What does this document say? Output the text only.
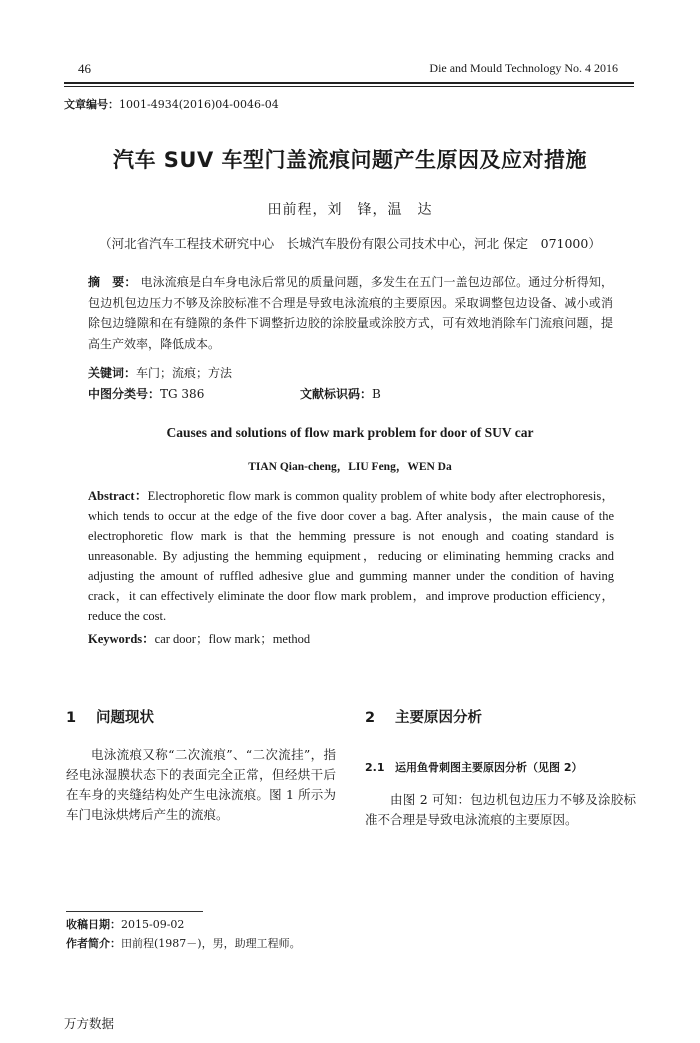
46	Die and Mould Technology No. 4 2016
文章编号：1001-4934(2016)04-0046-04
汽车 SUV 车型门盖流痕问题产生原因及应对措施
田前程，刘　锋，温　达
（河北省汽车工程技术研究中心　长城汽车股份有限公司技术中心，河北 保定　071000）
摘　要： 电泳流痕是白车身电泳后常见的质量问题，多发生在五门一盖包边部位。通过分析得知，包边机包边压力不够及涂胶标准不合理是导致电泳流痕的主要原因。采取调整包边设备、减小或消除包边缝隙和在有缝隙的条件下调整折边胶的涂胶量或涂胶方式，可有效地消除车门流痕问题，提高生产效率，降低成本。
关键词：车门；流痕；方法
中图分类号：TG 386	文献标识码：B
Causes and solutions of flow mark problem for door of SUV car
TIAN Qian-cheng，LIU Feng，WEN Da
Abstract：Electrophoretic flow mark is common quality problem of white body after electrophoresis，which tends to occur at the edge of the five door cover a bag. After analysis，the main cause of the electrophoretic flow mark is that the hemming pressure is not enough and coating standard is unreasonable. By adjusting the hemming equipment，reducing or eliminating hemming cracks and adjusting the amount of ruffled adhesive glue and gumming manner under the condition of having crack，it can effectively eliminate the door flow mark problem，and improve production efficiency，reduce the cost.
Keywords：car door；flow mark；method
1 问题现状
电泳流痕又称“二次流痕”、“二次流挂”，指经电泳湿膜状态下的表面完全正常，但经烘干后在车身的夹缝结构处产生电泳流痕。图 1 所示为车门电泳烘烤后产生的流痕。
2 主要原因分析
2.1 运用鱼骨刺图主要原因分析（见图 2）
由图 2 可知：包边机包边压力不够及涂胶标准不合理是导致电泳流痕的主要原因。
收稿日期：2015-09-02
作者简介：田前程(1987－)，男，助理工程师。
万方数据
